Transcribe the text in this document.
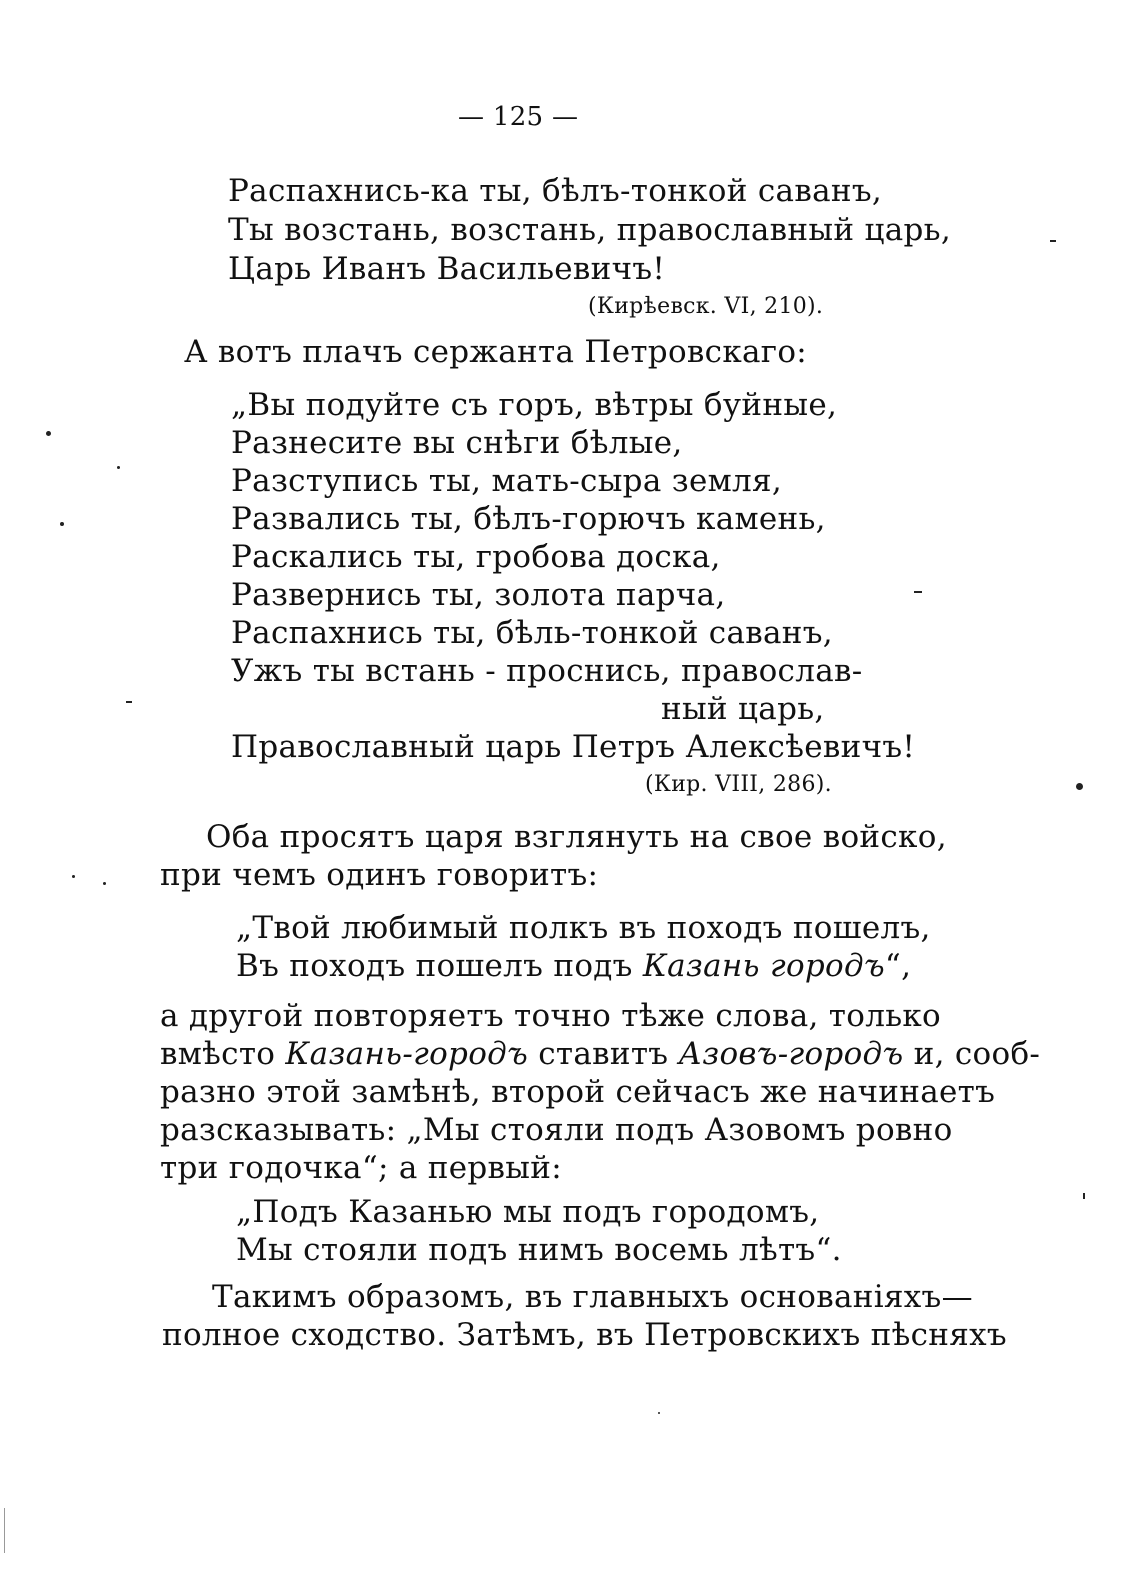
— 125 —
Распахнись-ка ты, бѣлъ-тонкой саванъ,
Ты возстань, возстань, православный царь,
Царь Иванъ Васильевичъ!
(Кирѣевск. VI, 210).
А вотъ плачъ сержанта Петровскаго:
„Вы подуйте съ горъ, вѣтры буйные,
Разнесите вы снѣги бѣлые,
Разступись ты, мать-сыра земля,
Развались ты, бѣлъ-горючъ камень,
Раскались ты, гробова доска,
Развернись ты, золота парча,
Распахнись ты, бѣль-тонкой саванъ,
Ужъ ты встань - проснись, православ-
ный царь,
Православный царь Петръ Алексѣевичъ!
(Кир. VIII, 286).
Оба просятъ царя взглянуть на свое войско,
при чемъ одинъ говоритъ:
„Твой любимый полкъ въ походъ пошелъ,
Въ походъ пошелъ подъ Казань городъ“,
а другой повторяетъ точно тѣже слова, только
вмѣсто Казань-городъ ставитъ Азовъ-городъ и, сооб-
разно этой замѣнѣ, второй сейчасъ же начинаетъ
разсказывать: „Мы стояли подъ Азовомъ ровно
три годочка“; а первый:
„Подъ Казанью мы подъ городомъ,
Мы стояли подъ нимъ восемь лѣтъ“.
Такимъ образомъ, въ главныхъ основаніяхъ—
полное сходство. Затѣмъ, въ Петровскихъ пѣсняхъ
